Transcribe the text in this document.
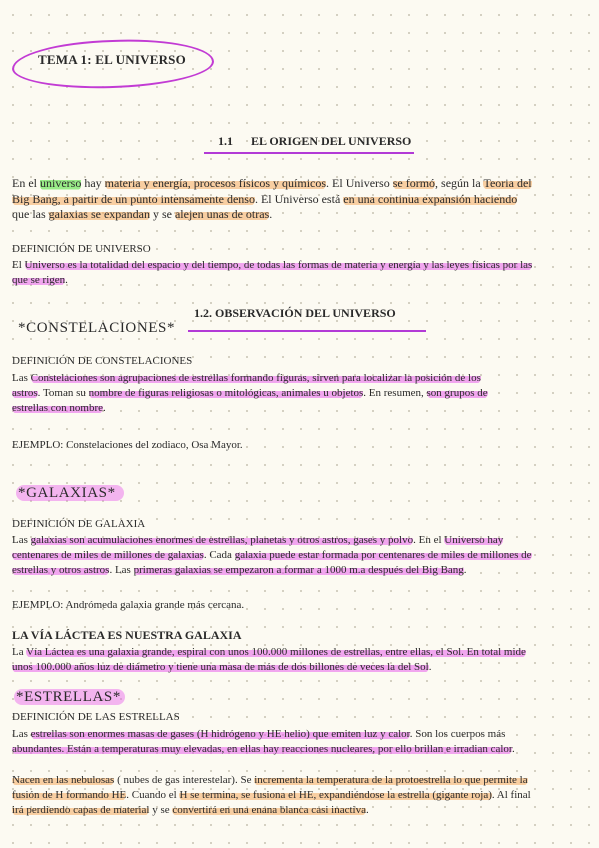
TEMA 1: EL UNIVERSO
1.1      EL ORIGEN DEL UNIVERSO
En el universo hay materia y energía, procesos físicos y químicos. El Universo se formó, según la Teoria del
Big Bang, a partir de un punto intensamente denso. El Universo está en una continua expansión haciendo
que las galaxias se expandan y se alejen unas de otras.
DEFINICIÓN DE UNIVERSO
El Universo es la totalidad del espacio y del tiempo, de todas las formas de materia y energía y las leyes físicas por las
que se rigen.
1.2. OBSERVACIÓN DEL UNIVERSO
*CONSTELACIONES*
DEFINICIÓN DE CONSTELACIONES
Las Constelaciones son agrupaciones de estrellas formando figuras, sirven para localizar la posición de los
astros. Toman su nombre de figuras religiosas o mitológicas, animales u objetos. En resumen, son grupos de
estrellas con nombre.
EJEMPLO: Constelaciones del zodiaco, Osa Mayor.
*GALAXIAS*
DEFINICIÓN DE GALAXIA
Las galaxias son acumulaciones enormes de estrellas, planetas y otros astros, gases y polvo. En el Universo hay
centenares de miles de millones de galaxias. Cada galaxia puede estar formada por centenares de miles de millones de
estrellas y otros astros. Las primeras galaxias se empezaron a formar a 1000 m.a después del Big Bang.
EJEMPLO: Andrómeda galaxia grande más cercana.
LA VÍA LÁCTEA ES NUESTRA GALAXIA
La Vía Láctea es una galaxia grande, espiral con unos 100.000 millones de estrellas, entre ellas, el Sol. En total mide
unos 100.000 años luz de diámetro y tiene una masa de más de dos billones de veces la del Sol.
*ESTRELLAS*
DEFINICIÓN DE LAS ESTRELLAS
Las estrellas son enormes masas de gases (H hidrógeno y HE helio) que emiten luz y calor. Son los cuerpos más
abundantes. Están a temperaturas muy elevadas, en ellas hay reacciones nucleares, por ello brillan e irradian calor.
Nacen en las nebulosas ( nubes de gas interestelar). Se incrementa la temperatura de la protoestrella lo que permite la
fusión de H formando HE. Cuando el H se termina, se fusiona el HE, expandiéndose la estrella (gigante roja). Al final
irá perdiendo capas de material y se convertirá en una enana blanca casi inactiva.
